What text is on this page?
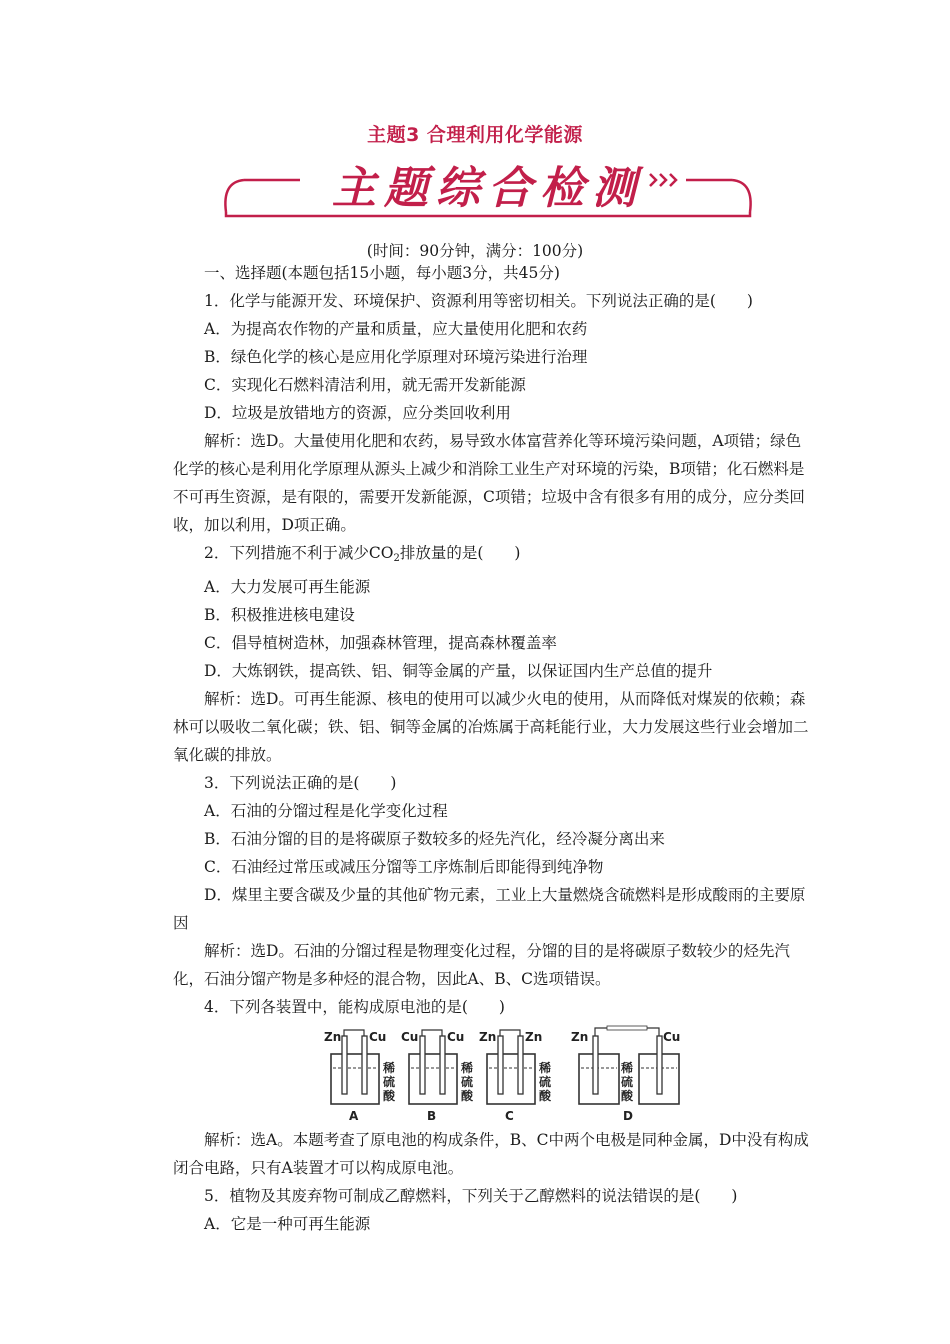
主题3 合理利用化学能源
主题综合检测
(时间：90分钟，满分：100分)

一、选择题(本题包括15小题，每小题3分，共45分)

1．化学与能源开发、环境保护、资源利用等密切相关。下列说法正确的是(　　)

A．为提高农作物的产量和质量，应大量使用化肥和农药

B．绿色化学的核心是应用化学原理对环境污染进行治理

C．实现化石燃料清洁利用，就无需开发新能源

D．垃圾是放错地方的资源，应分类回收利用

解析：选D。大量使用化肥和农药，易导致水体富营养化等环境污染问题，A项错；绿色化学的核心是利用化学原理从源头上减少和消除工业生产对环境的污染，B项错；化石燃料是不可再生资源，是有限的，需要开发新能源，C项错；垃圾中含有很多有用的成分，应分类回收，加以利用，D项正确。

2．下列措施不利于减少$CO_2$排放量的是(　　)

A．大力发展可再生能源

B．积极推进核电建设

C．倡导植树造林，加强森林管理，提高森林覆盖率

D．大炼钢铁，提高铁、铝、铜等金属的产量，以保证国内生产总值的提升

解析：选D。可再生能源、核电的使用可以减少火电的使用，从而降低对煤炭的依赖；森林可以吸收二氧化碳；铁、铝、铜等金属的冶炼属于高耗能行业，大力发展这些行业会增加二氧化碳的排放。

3．下列说法正确的是(　　)

A．石油的分馏过程是化学变化过程

B．石油分馏的目的是将碳原子数较多的烃先汽化，经冷凝分离出来

C．石油经过常压或减压分馏等工序炼制后即能得到纯净物

D．煤里主要含碳及少量的其他矿物元素，工业上大量燃烧含硫燃料是形成酸雨的主要原因

解析：选D。石油的分馏过程是物理变化过程，分馏的目的是将碳原子数较少的烃先汽化，石油分馏产物是多种烃的混合物，因此A、B、C选项错误。

4．下列各装置中，能构成原电池的是(　　)

Zn Cu
稀
硫
酸
A
Cu Cu
稀
硫
酸
B
Zn Zn
稀
硫
酸
C
Zn	Cu
稀
硫
酸
D

解析：选A。本题考查了原电池的构成条件，B、C中两个电极是同种金属，D中没有构成闭合电路，只有A装置才可以构成原电池。

5．植物及其废弃物可制成乙醇燃料，下列关于乙醇燃料的说法错误的是(　　)

A．它是一种可再生能源
